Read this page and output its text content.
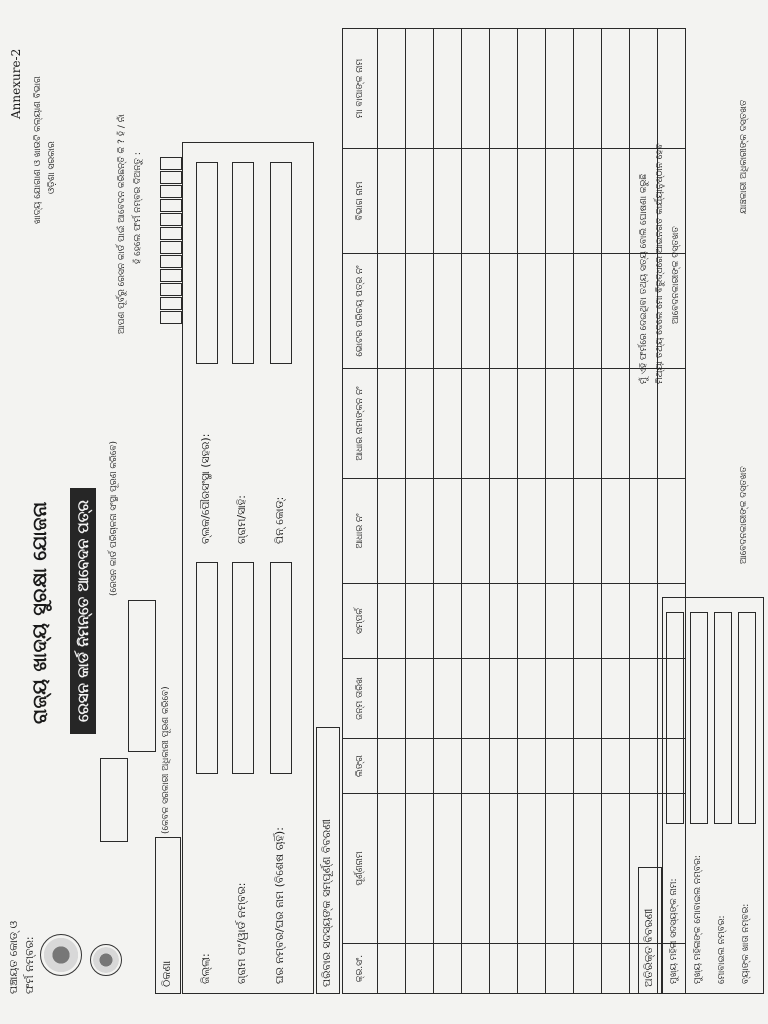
ପଞ୍ଚାୟତ କୋଡ୍ ଓ ଫର୍ମ ନମ୍ବର:
ରାଜ୍ୟ ଖାଦ୍ୟ ସୁରକ୍ଷା ଯୋଜନା ରେସନ କାର୍ଡ ନିମନ୍ତେ ଆବେଦନ ପତ୍ର	(ରେସନ କାର୍ଡ ପରିଚାଳନା ସଂସ୍ଥା ପୂରଣ କରିବେ)
Annexure-2 ଖାଦ୍ୟ ଯୋଗାଣ ଓ ଖାଉଟି କଲ୍ୟାଣ ବିଭାଗ ଓଡ଼ିଶା ସରକାର	ଆପଣ ପୂର୍ବରୁ ରେସନ କାର୍ଡ ପାଇଁ ଆବେଦନ କରିଛନ୍ତି କି ? ହଁ / ନାଁ ହଁ ହେଲେ ଫର୍ମ ନମ୍ବର ଦିଅନ୍ତୁ :
ଠିକଣା
(କେବଳ ସରକାରୀ ଅଧିକାରୀ ପୂରଣ କରିବେ)
ଜିଲ୍ଲା: ଗ୍ରାମ ପଂ/ୱାର୍ଡ ନମ୍ବର: ଘର ନମ୍ବର/ଘର ନାମ (ବିଶେଷ ଚାହିଁ):
ବ୍ଲକ/ପୌରସଂସ୍ଥା (ସହର): ଗ୍ରାମ/ସାହି: ପିନ୍ କୋଡ୍:
ପରିବାର ସଦସ୍ୟଙ୍କ ସମ୍ପୂର୍ଣ୍ଣ ବିବରଣୀ କ୍ର.ସଂ.	ପୂର୍ଣ୍ଣନାମ	ଲିଙ୍ଗ	ଜନ୍ମ ତାରିଖ	ସମ୍ପର୍କ	ଆଧାର ନଂ	ଆଧାର ନାମାଙ୍କନ ନଂ	ଭୋଟର ପରିଚୟ ପତ୍ର ନଂ	ବିଭାଗ ନାମ	ମା ବାପାଙ୍କ ନାମ

ଅତିରିକ୍ତ ବିବରଣୀ ମୁଖ୍ୟ ମହିଳା ସଦସ୍ୟଙ୍କ ନାମ: ମୁଖ୍ୟ ମହିଳାଙ୍କ ମୋବାଇଲ ନମ୍ବର: ମୋବାଇଲ ନମ୍ବର: ବ୍ୟାଙ୍କ ଖାତା ନମ୍ବର:
ମୁଁ ଏହି ଫର୍ମରେ ଦେଇଥିବା ତଥ୍ୟ ସତ୍ୟ ବୋଲି ଘୋଷଣା କରୁଛି ମିଥ୍ୟା ତଥ୍ୟ ଦେଲେ ମୋ ବିରୁଦ୍ଧରେ ଆଇନଗତ କାର୍ଯ୍ୟାନୁଷ୍ଠାନ ହେବ ଆବେଦନକାରୀଙ୍କ ଦସ୍ତଖତ
ଆବେଦନକାରୀଙ୍କ ଦସ୍ତଖତ
ଯାଞ୍ଚକାରୀ ଅଧିକାରୀଙ୍କ ଦସ୍ତଖତ
